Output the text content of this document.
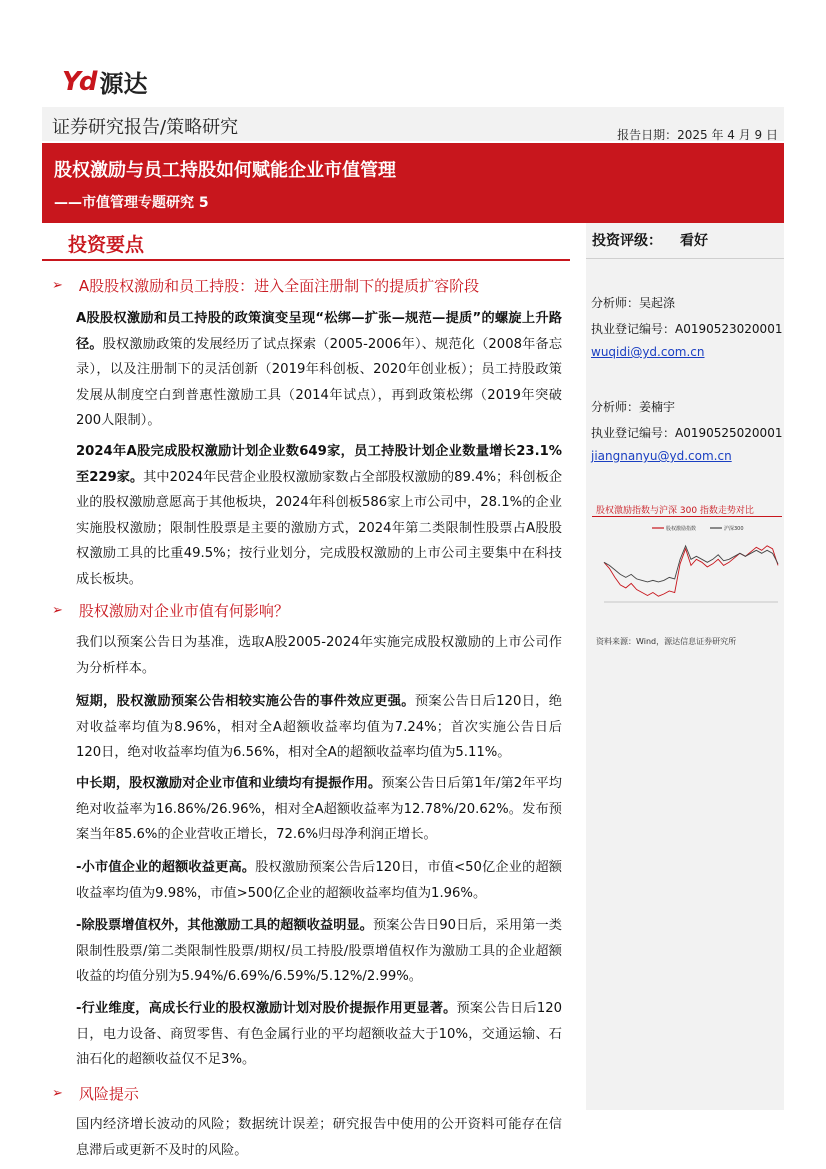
Yd 源达
证券研究报告/策略研究	报告日期：2025 年 4 月 9 日
股权激励与员工持股如何赋能企业市值管理
——市值管理专题研究 5
投资要点
➢ A股股权激励和员工持股：进入全面注册制下的提质扩容阶段

A股股权激励和员工持股的政策演变呈现“松绑—扩张—规范—提质”的螺旋上升路径。股权激励政策的发展经历了试点探索（2005-2006年）、规范化（2008年备忘录），以及注册制下的灵活创新（2019年科创板、2020年创业板）；员工持股政策发展从制度空白到普惠性激励工具（2014年试点），再到政策松绑（2019年突破200人限制）。

2024年A股完成股权激励计划企业数649家，员工持股计划企业数量增长23.1%至229家。其中2024年民营企业股权激励家数占全部股权激励的89.4%；科创板企业的股权激励意愿高于其他板块，2024年科创板586家上市公司中，28.1%的企业实施股权激励；限制性股票是主要的激励方式，2024年第二类限制性股票占A股股权激励工具的比重49.5%；按行业划分，完成股权激励的上市公司主要集中在科技成长板块。

➢ 股权激励对企业市值有何影响？

我们以预案公告日为基准，选取A股2005-2024年实施完成股权激励的上市公司作为分析样本。

短期，股权激励预案公告相较实施公告的事件效应更强。预案公告日后120日，绝对收益率均值为8.96%，相对全A超额收益率均值为7.24%；首次实施公告日后120日，绝对收益率均值为6.56%，相对全A的超额收益率均值为5.11%。

中长期，股权激励对企业市值和业绩均有提振作用。预案公告日后第1年/第2年平均绝对收益率为16.86%/26.96%，相对全A超额收益率为12.78%/20.62%。发布预案当年85.6%的企业营收正增长，72.6%归母净利润正增长。

-小市值企业的超额收益更高。股权激励预案公告后120日，市值<50亿企业的超额收益率均值为9.98%，市值>500亿企业的超额收益率均值为1.96%。

-除股票增值权外，其他激励工具的超额收益明显。预案公告日90日后，采用第一类限制性股票/第二类限制性股票/期权/员工持股/股票增值权作为激励工具的企业超额收益的均值分别为5.94%/6.69%/6.59%/5.12%/2.99%。

-行业维度，高成长行业的股权激励计划对股价提振作用更显著。预案公告日后120日，电力设备、商贸零售、有色金属行业的平均超额收益大于10%，交通运输、石油石化的超额收益仅不足3%。

➢ 风险提示

国内经济增长波动的风险；数据统计误差；研究报告中使用的公开资料可能存在信息滞后或更新不及时的风险。

投资评级： 看好
分析师：吴起涤
执业登记编号：A0190523020001
wuqidi@yd.com.cn
分析师：姜楠宇
执业登记编号：A0190525020001
jiangnanyu@yd.com.cn
股权激励指数与沪深 300 指数走势对比
股权激励指数	沪深300
资料来源：Wind，源达信息证券研究所
